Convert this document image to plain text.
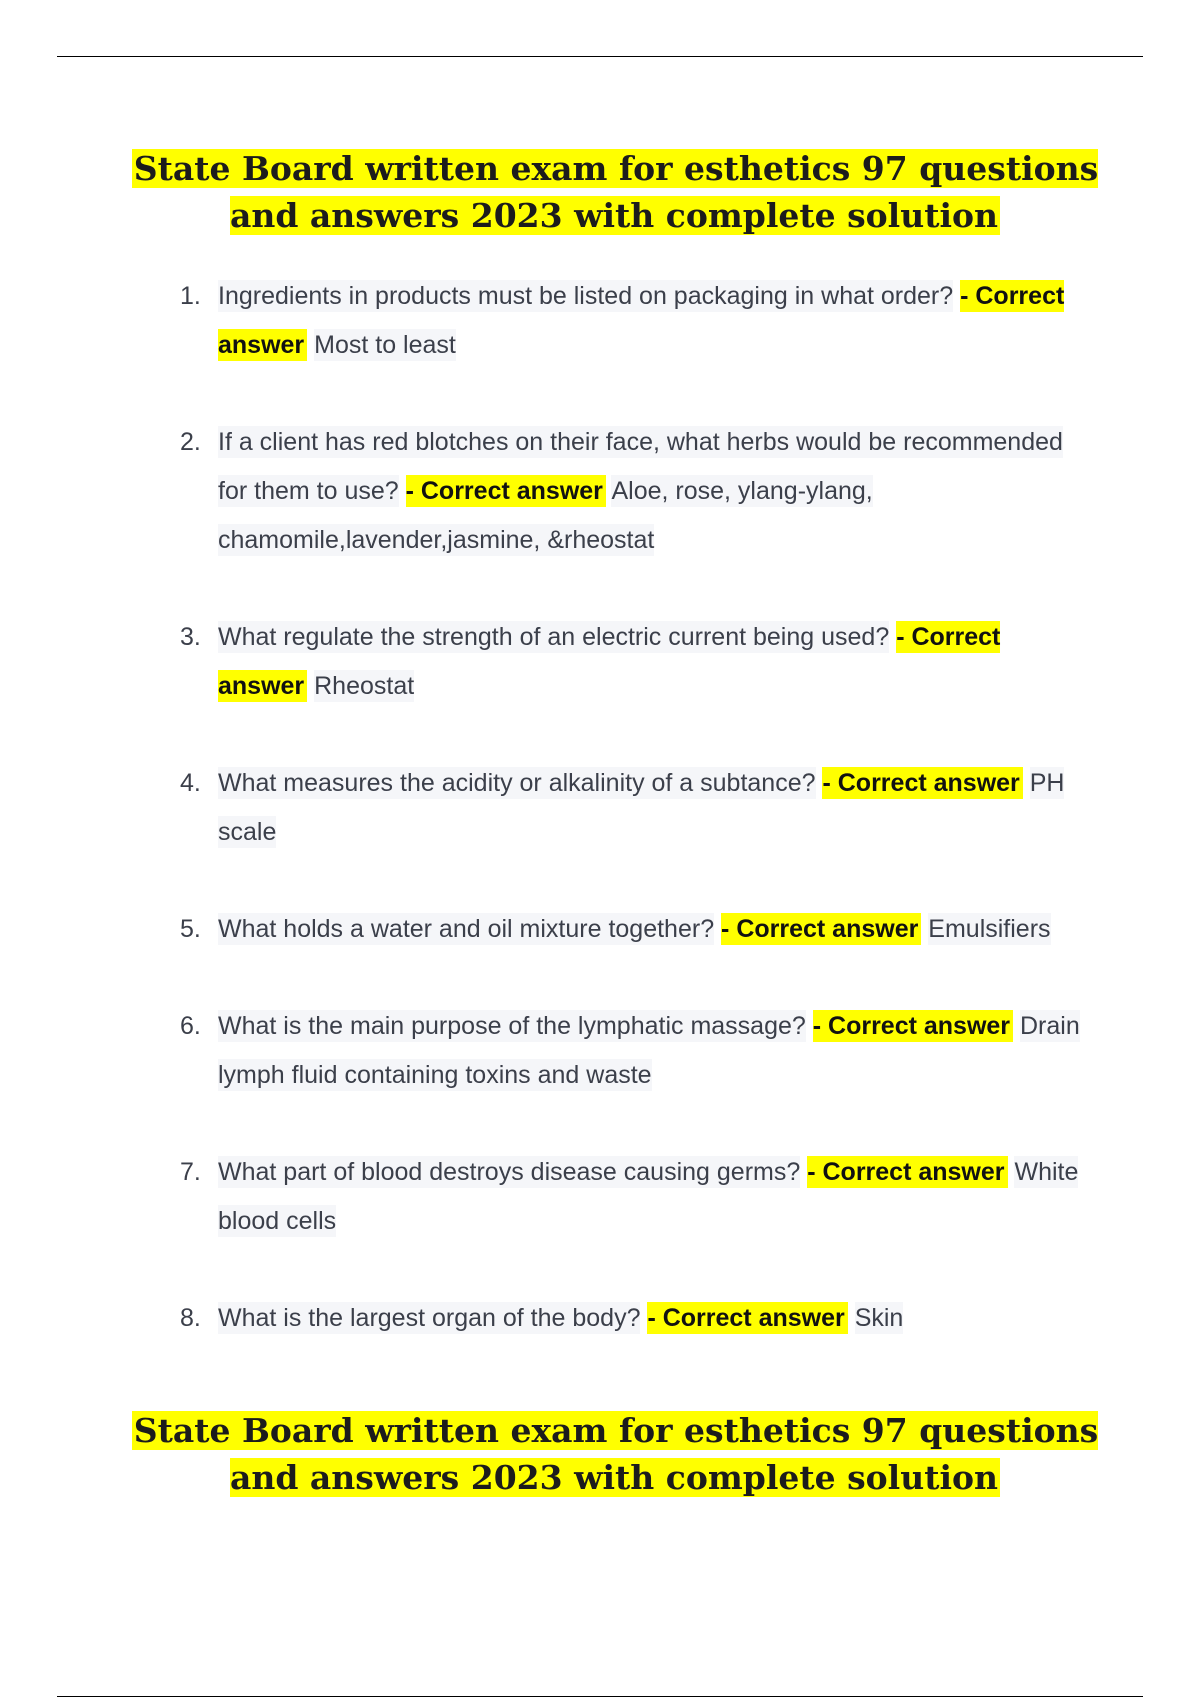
State Board written exam for esthetics 97 questions and answers 2023 with complete solution
1. Ingredients in products must be listed on packaging in what order? - Correct answer Most to least
2. If a client has red blotches on their face, what herbs would be recommended for them to use? - Correct answer Aloe, rose, ylang-ylang, chamomile,lavender,jasmine, &rheostat
3. What regulate the strength of an electric current being used? - Correct answer Rheostat
4. What measures the acidity or alkalinity of a subtance? - Correct answer PH scale
5. What holds a water and oil mixture together? - Correct answer Emulsifiers
6. What is the main purpose of the lymphatic massage? - Correct answer Drain lymph fluid containing toxins and waste
7. What part of blood destroys disease causing germs? - Correct answer White blood cells
8. What is the largest organ of the body? - Correct answer Skin
State Board written exam for esthetics 97 questions and answers 2023 with complete solution
